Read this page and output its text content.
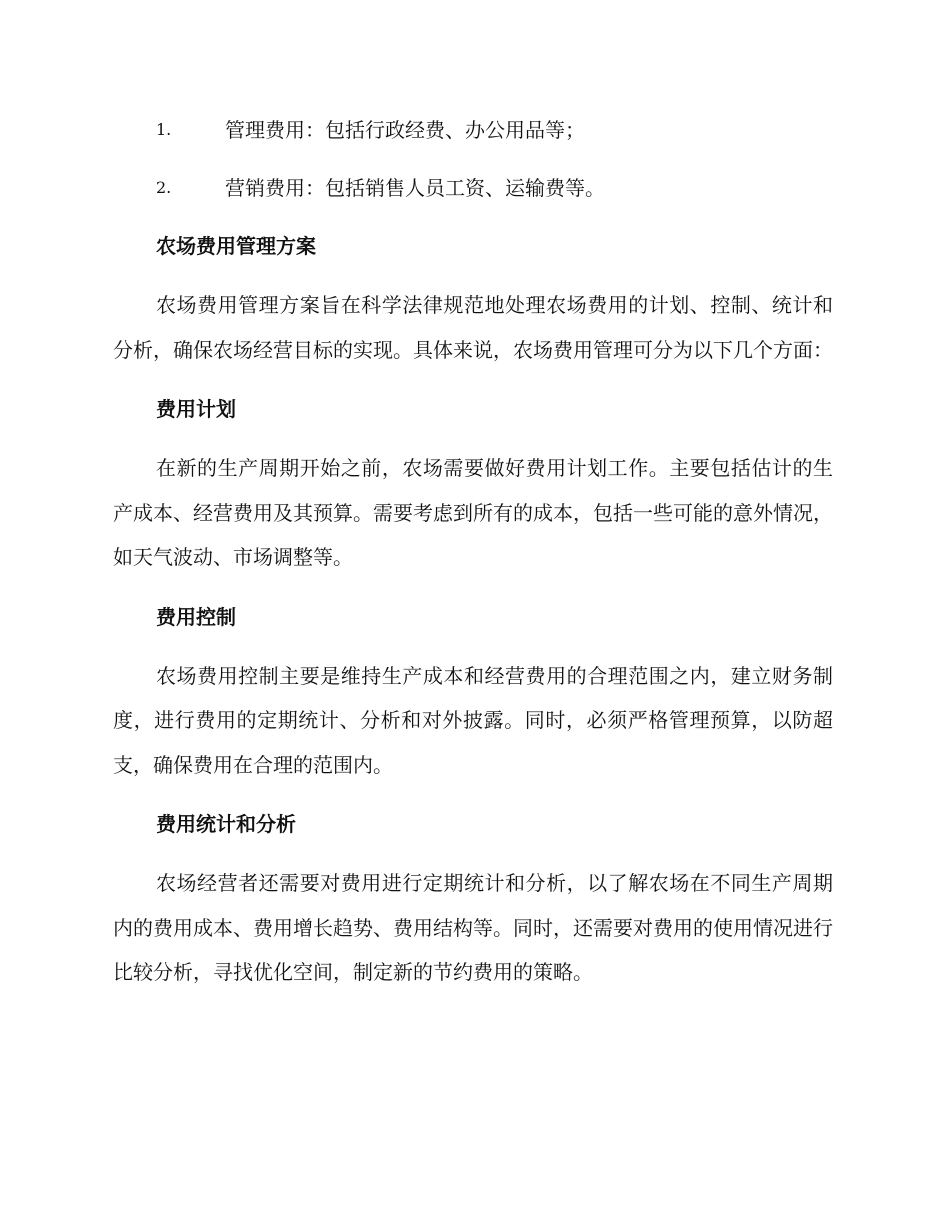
1.	管理费用：包括行政经费、办公用品等；
2.	营销费用：包括销售人员工资、运输费等。
农场费用管理方案

农场费用管理方案旨在科学法律规范地处理农场费用的计划、控制、统计和分析，确保农场经营目标的实现。具体来说，农场费用管理可分为以下几个方面：

费用计划

在新的生产周期开始之前，农场需要做好费用计划工作。主要包括估计的生产成本、经营费用及其预算。需要考虑到所有的成本，包括一些可能的意外情况，如天气波动、市场调整等。

费用控制

农场费用控制主要是维持生产成本和经营费用的合理范围之内，建立财务制度，进行费用的定期统计、分析和对外披露。同时，必须严格管理预算，以防超支，确保费用在合理的范围内。

费用统计和分析

农场经营者还需要对费用进行定期统计和分析，以了解农场在不同生产周期内的费用成本、费用增长趋势、费用结构等。同时，还需要对费用的使用情况进行比较分析，寻找优化空间，制定新的节约费用的策略。
